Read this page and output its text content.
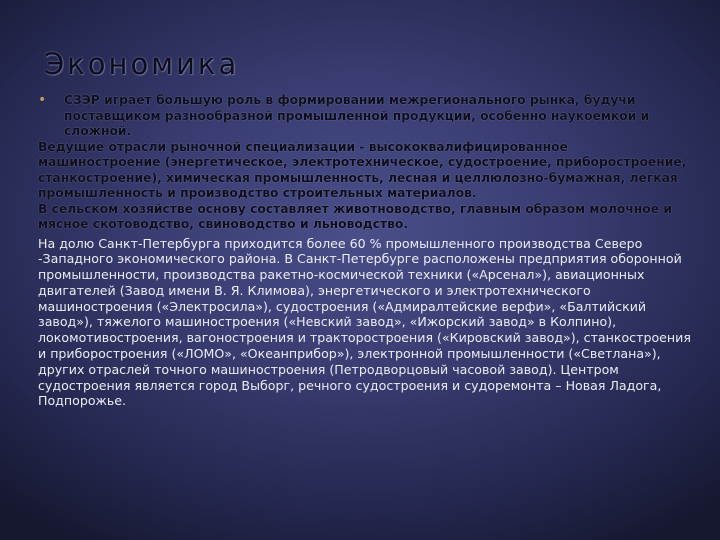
Экономика
•	СЗЭР играет большую роль в формировании межрегионального рынка, будучи поставщиком разнообразной промышленной продукции, особенно наукоемкой и сложной.

Ведущие отрасли рыночной специализации - высококвалифицированное машиностроение (энергетическое, электротехническое, судостроение, приборостроение, станкостроение), химическая промышленность, лесная и целлюлозно-бумажная, легкая промышленность и производство строительных материалов.

В сельском хозяйстве основу составляет животноводство, главным образом молочное и мясное скотоводство, свиноводство и льноводство.

На долю Санкт-Петербурга приходится более 60 % промышленного производства Северо -Западного экономического района. В Санкт-Петербурге расположены предприятия оборонной промышленности, производства ракетно-космической техники («Арсенал»), авиационных двигателей (Завод имени В. Я. Климова), энергетического и электротехнического машиностроения («Электросила»), судостроения («Адмиралтейские верфи», «Балтийский завод»), тяжелого машиностроения («Невский завод», «Ижорский завод» в Колпино), локомотивостроения, вагоностроения и тракторостроения («Кировский завод»), станкостроения и приборостроения («ЛОМО», «Океанприбор»), электронной промышленности («Светлана»), других отраслей точного машиностроения (Петродворцовый часовой завод). Центром судостроения является город Выборг, речного судостроения и судоремонта – Новая Ладога, Подпорожье.
